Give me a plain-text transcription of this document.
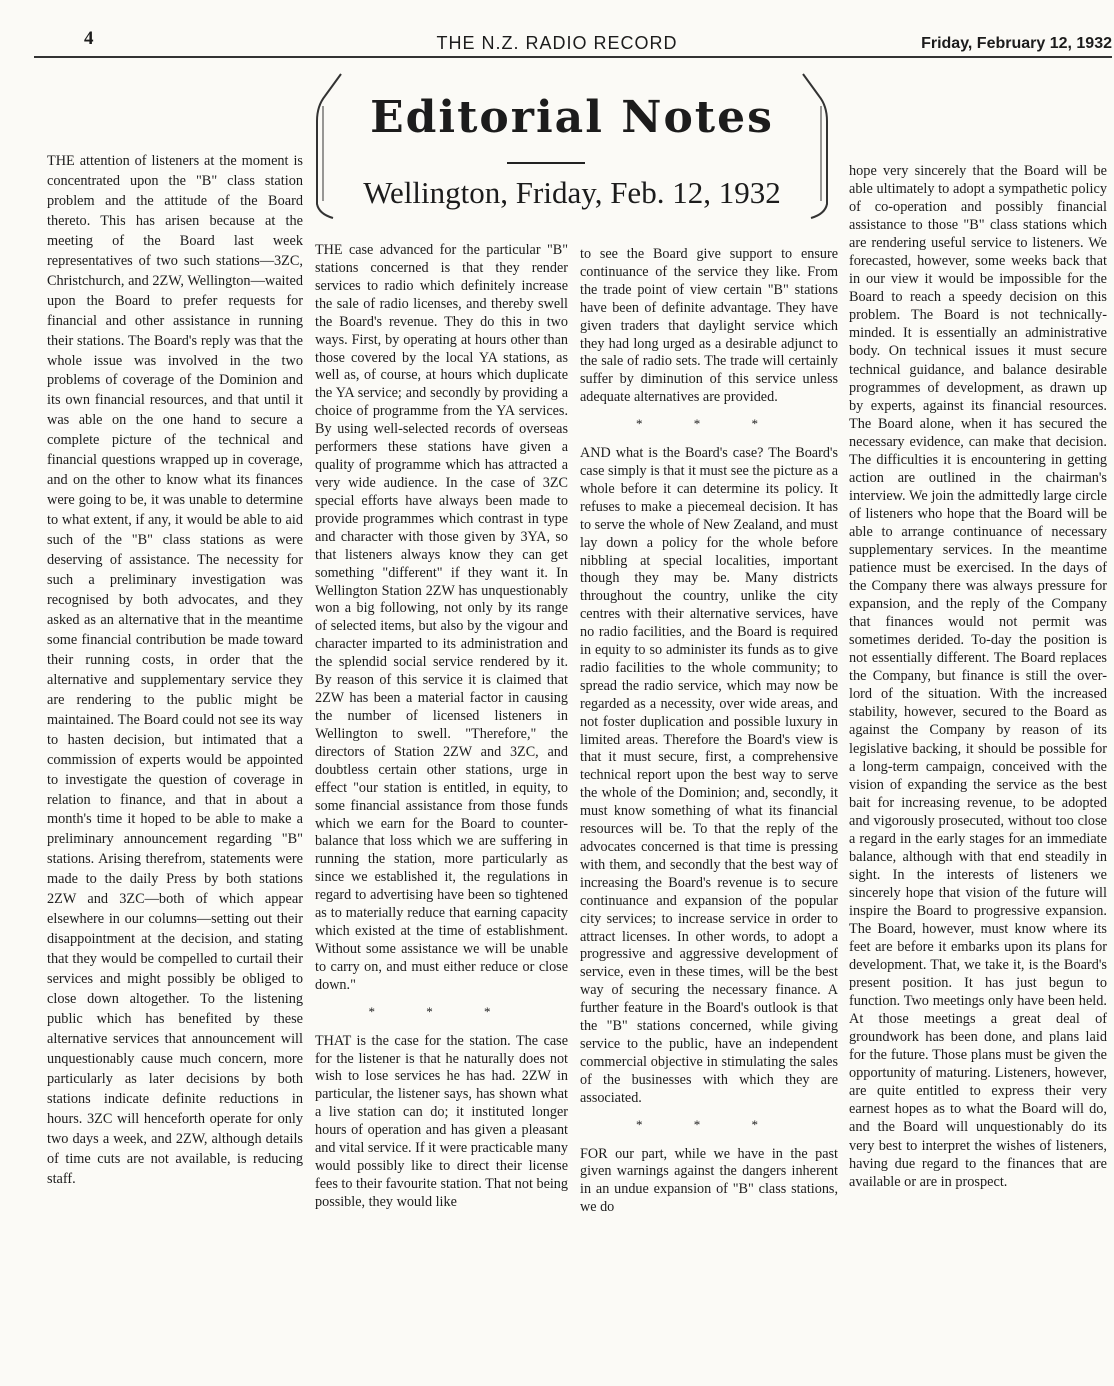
4	THE N.Z. RADIO RECORD	Friday, February 12, 1932
Editorial Notes
Wellington, Friday, Feb. 12, 1932

THE attention of listeners at the moment is concentrated upon the "B" class station problem and the attitude of the Board thereto. This has arisen because at the meeting of the Board last week representatives of two such stations—3ZC, Christchurch, and 2ZW, Wellington—waited upon the Board to prefer requests for financial and other assistance in running their stations. The Board's reply was that the whole issue was involved in the two problems of coverage of the Dominion and its own financial resources, and that until it was able on the one hand to secure a complete picture of the technical and financial questions wrapped up in coverage, and on the other to know what its finances were going to be, it was unable to determine to what extent, if any, it would be able to aid such of the "B" class stations as were deserving of assistance. The necessity for such a preliminary investigation was recognised by both advocates, and they asked as an alternative that in the meantime some financial contribution be made toward their running costs, in order that the alternative and supplementary service they are rendering to the public might be maintained. The Board could not see its way to hasten decision, but intimated that a commission of experts would be appointed to investigate the question of coverage in relation to finance, and that in about a month's time it hoped to be able to make a preliminary announcement regarding "B" stations. Arising therefrom, statements were made to the daily Press by both stations 2ZW and 3ZC—both of which appear elsewhere in our columns—setting out their disappointment at the decision, and stating that they would be compelled to curtail their services and might possibly be obliged to close down altogether. To the listening public which has benefited by these alternative services that announcement will unquestionably cause much concern, more particularly as later decisions by both stations indicate definite reductions in hours. 3ZC will henceforth operate for only two days a week, and 2ZW, although details of time cuts are not available, is reducing staff.

THE case advanced for the particular "B" stations concerned is that they render services to radio which definitely increase the sale of radio licenses, and thereby swell the Board's revenue. They do this in two ways. First, by operating at hours other than those covered by the local YA stations, as well as, of course, at hours which duplicate the YA service; and secondly by providing a choice of programme from the YA services. By using well-selected records of overseas performers these stations have given a quality of programme which has attracted a very wide audience. In the case of 3ZC special efforts have always been made to provide programmes which contrast in type and character with those given by 3YA, so that listeners always know they can get something "different" if they want it. In Wellington Station 2ZW has unquestionably won a big following, not only by its range of selected items, but also by the vigour and character imparted to its administration and the splendid social service rendered by it. By reason of this service it is claimed that 2ZW has been a material factor in causing the number of licensed listeners in Wellington to swell. "Therefore," the directors of Station 2ZW and 3ZC, and doubtless certain other stations, urge in effect "our station is entitled, in equity, to some financial assistance from those funds which we earn for the Board to counter-balance that loss which we are suffering in running the station, more particularly as since we established it, the regulations in regard to advertising have been so tightened as to materially reduce that earning capacity which existed at the time of establishment. Without some assistance we will be unable to carry on, and must either reduce or close down."

* * *

THAT is the case for the station. The case for the listener is that he naturally does not wish to lose services he has had. 2ZW in particular, the listener says, has shown what a live station can do; it instituted longer hours of operation and has given a pleasant and vital service. If it were practicable many would possibly like to direct their license fees to their favourite station. That not being possible, they would like

to see the Board give support to ensure continuance of the service they like. From the trade point of view certain "B" stations have been of definite advantage. They have given traders that daylight service which they had long urged as a desirable adjunct to the sale of radio sets. The trade will certainly suffer by diminution of this service unless adequate alternatives are provided.

* * *

AND what is the Board's case? The Board's case simply is that it must see the picture as a whole before it can determine its policy. It refuses to make a piecemeal decision. It has to serve the whole of New Zealand, and must lay down a policy for the whole before nibbling at special localities, important though they may be. Many districts throughout the country, unlike the city centres with their alternative services, have no radio facilities, and the Board is required in equity to so administer its funds as to give radio facilities to the whole community; to spread the radio service, which may now be regarded as a necessity, over wide areas, and not foster duplication and possible luxury in limited areas. Therefore the Board's view is that it must secure, first, a comprehensive technical report upon the best way to serve the whole of the Dominion; and, secondly, it must know something of what its financial resources will be. To that the reply of the advocates concerned is that time is pressing with them, and secondly that the best way of increasing the Board's revenue is to secure continuance and expansion of the popular city services; to increase service in order to attract licenses. In other words, to adopt a progressive and aggressive development of service, even in these times, will be the best way of securing the necessary finance. A further feature in the Board's outlook is that the "B" stations concerned, while giving service to the public, have an independent commercial objective in stimulating the sales of the businesses with which they are associated.

* * *

FOR our part, while we have in the past given warnings against the dangers inherent in an undue expansion of "B" class stations, we do

hope very sincerely that the Board will be able ultimately to adopt a sympathetic policy of co-operation and possibly financial assistance to those "B" class stations which are rendering useful service to listeners. We forecasted, however, some weeks back that in our view it would be impossible for the Board to reach a speedy decision on this problem. The Board is not technically-minded. It is essentially an administrative body. On technical issues it must secure technical guidance, and balance desirable programmes of development, as drawn up by experts, against its financial resources. The Board alone, when it has secured the necessary evidence, can make that decision. The difficulties it is encountering in getting action are outlined in the chairman's interview. We join the admittedly large circle of listeners who hope that the Board will be able to arrange continuance of necessary supplementary services. In the meantime patience must be exercised. In the days of the Company there was always pressure for expansion, and the reply of the Company that finances would not permit was sometimes derided. To-day the position is not essentially different. The Board replaces the Company, but finance is still the over-lord of the situation. With the increased stability, however, secured to the Board as against the Company by reason of its legislative backing, it should be possible for a long-term campaign, conceived with the vision of expanding the service as the best bait for increasing revenue, to be adopted and vigorously prosecuted, without too close a regard in the early stages for an immediate balance, although with that end steadily in sight. In the interests of listeners we sincerely hope that vision of the future will inspire the Board to progressive expansion. The Board, however, must know where its feet are before it embarks upon its plans for development. That, we take it, is the Board's present position. It has just begun to function. Two meetings only have been held. At those meetings a great deal of groundwork has been done, and plans laid for the future. Those plans must be given the opportunity of maturing. Listeners, however, are quite entitled to express their very earnest hopes as to what the Board will do, and the Board will unquestionably do its very best to interpret the wishes of listeners, having due regard to the finances that are available or are in prospect.
